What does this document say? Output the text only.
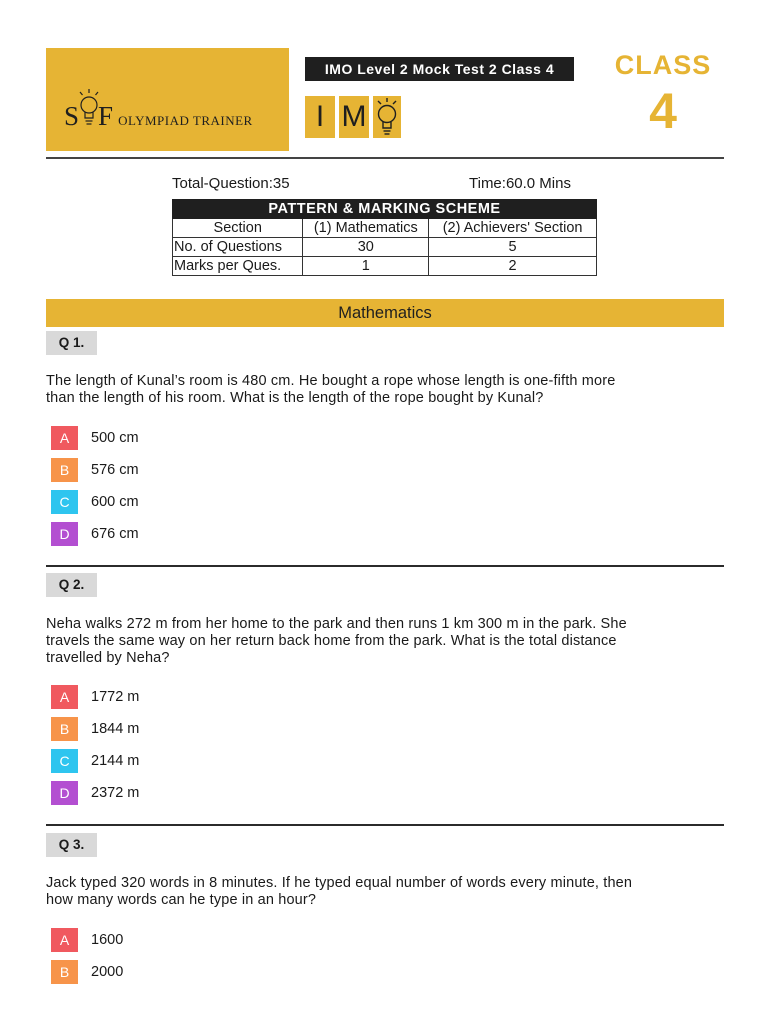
S F OLYMPIAD TRAINER
IMO Level 2 Mock Test 2 Class 4
I M
CLASS
4
Total-Question:35	Time:60.0 Mins
PATTERN & MARKING SCHEME		
Section	(1) Mathematics	(2) Achievers' Section
No. of Questions	30	5
Marks per Ques.	1	2
Mathematics
Q 1.
The length of Kunal’s room is 480 cm. He bought a rope whose length is one-fifth more
than the length of his room. What is the length of the rope bought by Kunal?
A	500 cm
B	576 cm
C	600 cm
D	676 cm
Q 2.
Neha walks 272 m from her home to the park and then runs 1 km 300 m in the park. She
travels the same way on her return back home from the park. What is the total distance
travelled by Neha?
A	1772 m
B	1844 m
C	2144 m
D	2372 m
Q 3.
Jack typed 320 words in 8 minutes. If he typed equal number of words every minute, then
how many words can he type in an hour?
A	1600
B	2000
